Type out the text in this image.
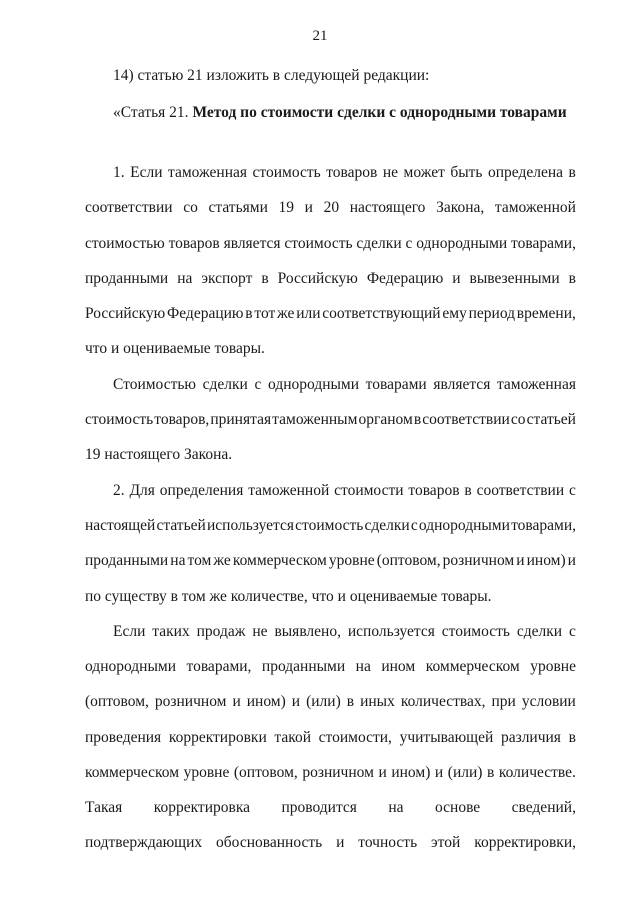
21
14) статью 21 изложить в следующей редакции:
«Статья 21. Метод по стоимости сделки с однородными товарами
1. Если таможенная стоимость товаров не может быть определена в
соответствии со статьями 19 и 20 настоящего Закона, таможенной
стоимостью товаров является стоимость сделки с однородными товарами,
проданными на экспорт в Российскую Федерацию и вывезенными в
Российскую Федерацию в тот же или соответствующий ему период времени,
что и оцениваемые товары.
Стоимостью сделки с однородными товарами является таможенная
стоимость товаров, принятая таможенным органом в соответствии со статьей
19 настоящего Закона.
2. Для определения таможенной стоимости товаров в соответствии с
настоящей статьей используется стоимость сделки с однородными товарами,
проданными на том же коммерческом уровне (оптовом, розничном и ином) и
по существу в том же количестве, что и оцениваемые товары.
Если таких продаж не выявлено, используется стоимость сделки с
однородными товарами, проданными на ином коммерческом уровне
(оптовом, розничном и ином) и (или) в иных количествах, при условии
проведения корректировки такой стоимости, учитывающей различия в
коммерческом уровне (оптовом, розничном и ином) и (или) в количестве.
Такая корректировка проводится на основе сведений,
подтверждающих обоснованность и точность этой корректировки,
